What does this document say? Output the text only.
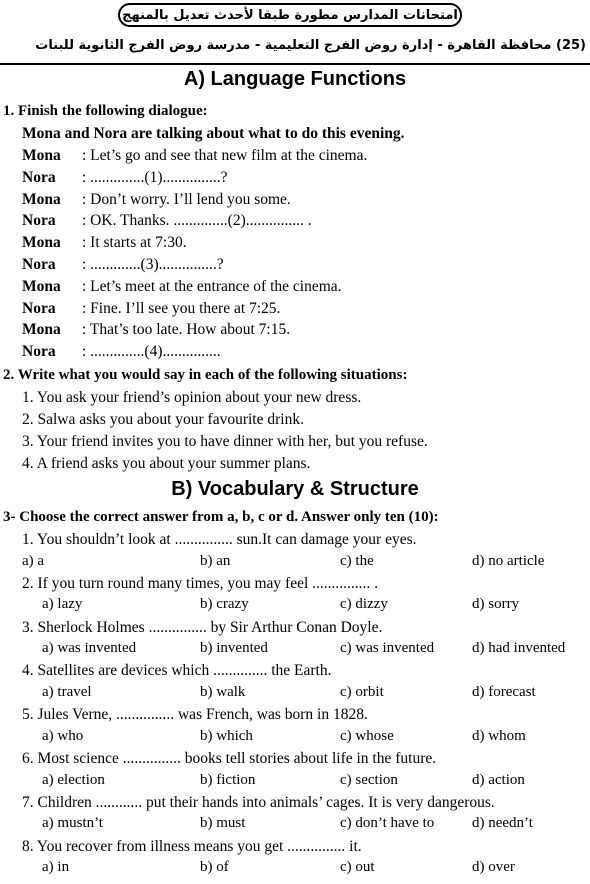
امتحانات المدارس مطورة طبقا لأحدث تعديل بالمنهج
(25) محافظة القاهرة - إدارة روض الفرج التعليمية - مدرسة روض الفرج الثانوية للبنات
A) Language Functions
1. Finish the following dialogue:
Mona and Nora are talking about what to do this evening.
Mona : Let’s go and see that new film at the cinema.
Nora : ..............(1)...............?
Mona : Don’t worry. I’ll lend you some.
Nora : OK. Thanks. ..............(2)............... .
Mona : It starts at 7:30.
Nora : .............(3)...............?
Mona : Let’s meet at the entrance of the cinema.
Nora : Fine. I’ll see you there at 7:25.
Mona : That’s too late. How about 7:15.
Nora : ..............(4)...............
2. Write what you would say in each of the following situations:
1. You ask your friend’s opinion about your new dress.
2. Salwa asks you about your favourite drink.
3. Your friend invites you to have dinner with her, but you refuse.
4. A friend asks you about your summer plans.
B) Vocabulary & Structure
3- Choose the correct answer from a, b, c or d. Answer only ten (10):
1. You shouldn’t look at ............... sun.It can damage your eyes.
a) a	b) an	c) the	d) no article
2. If you turn round many times, you may feel ............... .
a) lazy	b) crazy	c) dizzy	d) sorry
3. Sherlock Holmes ............... by Sir Arthur Conan Doyle.
a) was invented	b) invented	c) was invented	d) had invented
4. Satellites are devices which .............. the Earth.
a) travel	b) walk	c) orbit	d) forecast
5. Jules Verne, ............... was French, was born in 1828.
a) who	b) which	c) whose	d) whom
6. Most science ............... books tell stories about life in the future.
a) election	b) fiction	c) section	d) action
7. Children ............ put their hands into animals’ cages. It is very dangerous.
a) mustn’t	b) must	c) don’t have to	d) needn’t
8. You recover from illness means you get ............... it.
a) in	b) of	c) out	d) over
